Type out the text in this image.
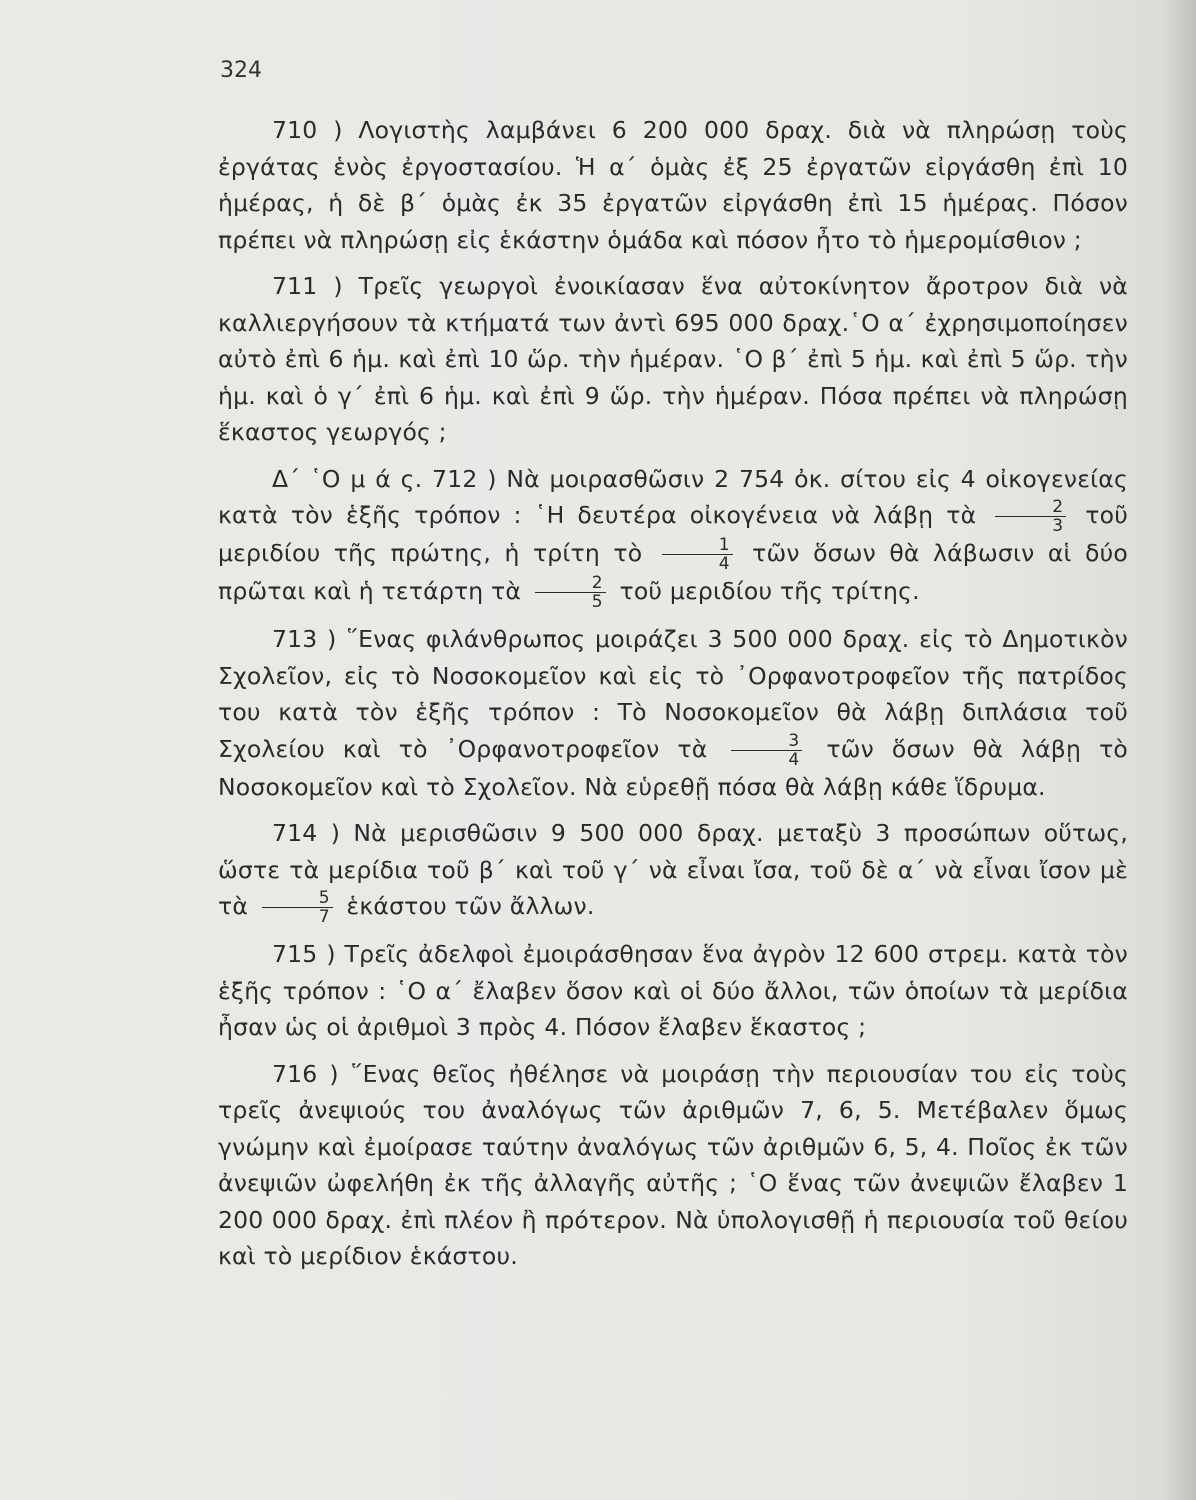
324

710 ) Λογιστὴς λαμβάνει 6 200 000 δραχ. διὰ νὰ πληρώσῃ τοὺς ἐργάτας ἑνὸς ἐργοστασίου. Ἡ α΄ ὁμὰς ἐξ 25 ἐργατῶν εἰργάσθη ἐπὶ 10 ἡμέρας, ἡ δὲ β΄ ὁμὰς ἐκ 35 ἐργατῶν εἰργάσθη ἐπὶ 15 ἡμέρας. Πόσον πρέπει νὰ πληρώσῃ εἰς ἑκάστην ὁμάδα καὶ πόσον ἦτο τὸ ἡμερομίσθιον ;

711 ) Τρεῖς γεωργοὶ ἐνοικίασαν ἕνα αὐτοκίνητον ἄροτρον διὰ νὰ καλλιεργήσουν τὰ κτήματά των ἀντὶ 695 000 δραχ.῾Ο α΄ ἐχρησιμοποίησεν αὐτὸ ἐπὶ 6 ἡμ. καὶ ἐπὶ 10 ὥρ. τὴν ἡμέραν. ῾Ο β΄ ἐπὶ 5 ἡμ. καὶ ἐπὶ 5 ὥρ. τὴν ἡμ. καὶ ὁ γ΄ ἐπὶ 6 ἡμ. καὶ ἐπὶ 9 ὥρ. τὴν ἡμέραν. Πόσα πρέπει νὰ πληρώσῃ ἕκαστος γεωργός ;

Δ΄ ῾Ο μ ά ς. 712 ) Νὰ μοιρασθῶσιν 2 754 ὀκ. σίτου εἰς 4 οἰκογενείας κατὰ τὸν ἑξῆς τρόπον : ῾Η δευτέρα οἰκογένεια νὰ λάβῃ τὰ $\frac{2}{3}$ τοῦ μεριδίου τῆς πρώτης, ἡ τρίτη τὸ $\frac{1}{4}$ τῶν ὅσων θὰ λάβωσιν αἱ δύο πρῶται καὶ ἡ τετάρτη τὰ $\frac{2}{5}$ τοῦ μεριδίου τῆς τρίτης.

713 ) ῞Ενας φιλάνθρωπος μοιράζει 3 500 000 δραχ. εἰς τὸ Δημοτικὸν Σχολεῖον, εἰς τὸ Νοσοκομεῖον καὶ εἰς τὸ ᾿Ορφανοτροφεῖον τῆς πατρίδος του κατὰ τὸν ἑξῆς τρόπον : Τὸ Νοσοκομεῖον θὰ λάβῃ διπλάσια τοῦ Σχολείου καὶ τὸ ᾿Ορφανοτροφεῖον τὰ $\frac{3}{4}$ τῶν ὅσων θὰ λάβῃ τὸ Νοσοκομεῖον καὶ τὸ Σχολεῖον. Νὰ εὑρεθῇ πόσα θὰ λάβῃ κάθε ἵδρυμα.

714 ) Νὰ μερισθῶσιν 9 500 000 δραχ. μεταξὺ 3 προσώπων οὕτως, ὥστε τὰ μερίδια τοῦ β΄ καὶ τοῦ γ΄ νὰ εἶναι ἴσα, τοῦ δὲ α΄ νὰ εἶναι ἴσον μὲ τὰ $\frac{5}{7}$ ἑκάστου τῶν ἄλλων.

715 ) Τρεῖς ἀδελφοὶ ἐμοιράσθησαν ἕνα ἀγρὸν 12 600 στρεμ. κατὰ τὸν ἑξῆς τρόπον : ῾Ο α΄ ἔλαβεν ὅσον καὶ οἱ δύο ἄλλοι, τῶν ὁποίων τὰ μερίδια ἦσαν ὡς οἱ ἀριθμοὶ 3 πρὸς 4. Πόσον ἔλαβεν ἕκαστος ;

716 ) ῞Ενας θεῖος ἠθέλησε νὰ μοιράσῃ τὴν περιουσίαν του εἰς τοὺς τρεῖς ἀνεψιούς του ἀναλόγως τῶν ἀριθμῶν 7, 6, 5. Μετέβαλεν ὅμως γνώμην καὶ ἐμοίρασε ταύτην ἀναλόγως τῶν ἀριθμῶν 6, 5, 4. Ποῖος ἐκ τῶν ἀνεψιῶν ὠφελήθη ἐκ τῆς ἀλλαγῆς αὐτῆς ; ῾Ο ἕνας τῶν ἀνεψιῶν ἔλαβεν 1 200 000 δραχ. ἐπὶ πλέον ἢ πρότερον. Νὰ ὑπολογισθῇ ἡ περιουσία τοῦ θείου καὶ τὸ μερίδιον ἑκάστου.
